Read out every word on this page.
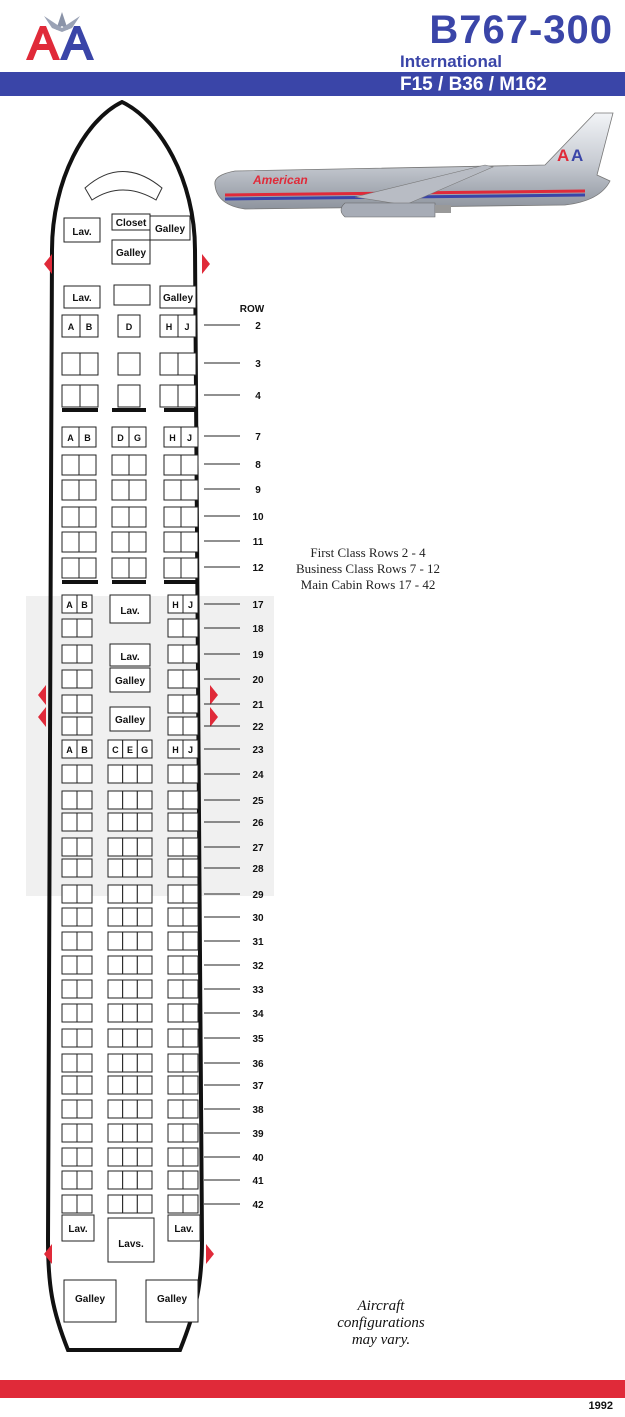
B767-300
International
F15 / B36 / M162
American
A A
Lav.
Closet
Galley
Galley
Lav.	Galley
ROW
A B	D	H J	2
3
4
A B	D G	H J	7
8
9
10
11
12
A B	H J	17
18
19
20
21
22
A B	C E G	H J	23
24
25
26
27
28
29
30
31
32
33
34
35
36
37
38
39
40
41
42
Lav.
Lav.
Galley
Galley
Lav.	Lav.
Lavs.
Galley	Galley
First Class Rows 2 - 4
Business Class Rows 7 - 12
Main Cabin Rows 17 - 42
Aircraft
configurations
may vary.
1992
